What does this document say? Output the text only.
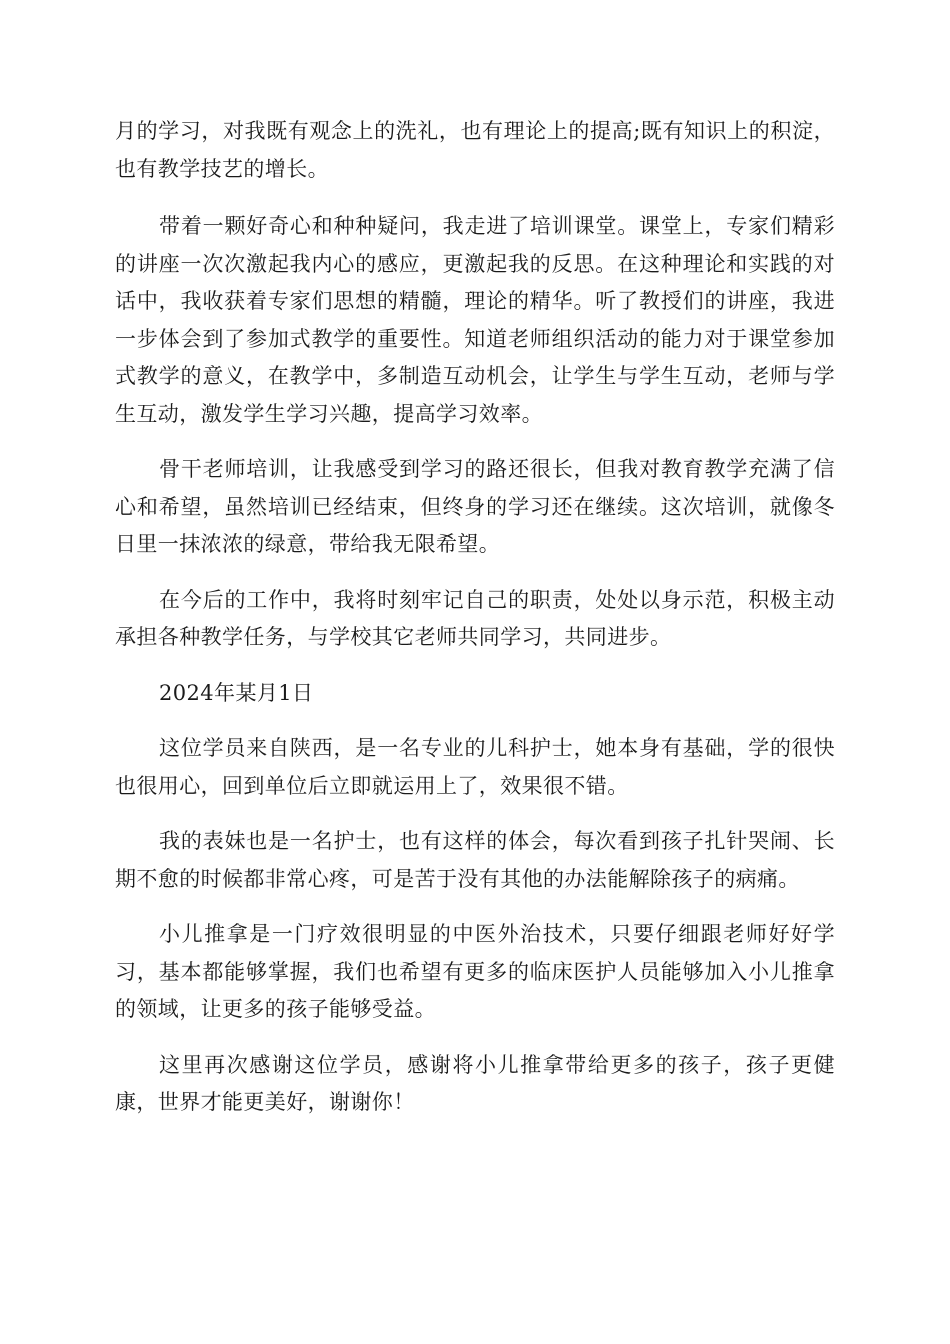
月的学习，对我既有观念上的洗礼，也有理论上的提高;既有知识上的积淀，也有教学技艺的增长。

带着一颗好奇心和种种疑问，我走进了培训课堂。课堂上，专家们精彩的讲座一次次激起我内心的感应，更激起我的反思。在这种理论和实践的对话中，我收获着专家们思想的精髓，理论的精华。听了教授们的讲座，我进一步体会到了参加式教学的重要性。知道老师组织活动的能力对于课堂参加式教学的意义，在教学中，多制造互动机会，让学生与学生互动，老师与学生互动，激发学生学习兴趣，提高学习效率。

骨干老师培训，让我感受到学习的路还很长，但我对教育教学充满了信心和希望，虽然培训已经结束，但终身的学习还在继续。这次培训，就像冬日里一抹浓浓的绿意，带给我无限希望。

在今后的工作中，我将时刻牢记自己的职责，处处以身示范，积极主动承担各种教学任务，与学校其它老师共同学习，共同进步。

2024年某月1日

这位学员来自陕西，是一名专业的儿科护士，她本身有基础，学的很快也很用心，回到单位后立即就运用上了，效果很不错。

我的表妹也是一名护士，也有这样的体会，每次看到孩子扎针哭闹、长期不愈的时候都非常心疼，可是苦于没有其他的办法能解除孩子的病痛。

小儿推拿是一门疗效很明显的中医外治技术，只要仔细跟老师好好学习，基本都能够掌握，我们也希望有更多的临床医护人员能够加入小儿推拿的领域，让更多的孩子能够受益。

这里再次感谢这位学员，感谢将小儿推拿带给更多的孩子，孩子更健康，世界才能更美好，谢谢你！
